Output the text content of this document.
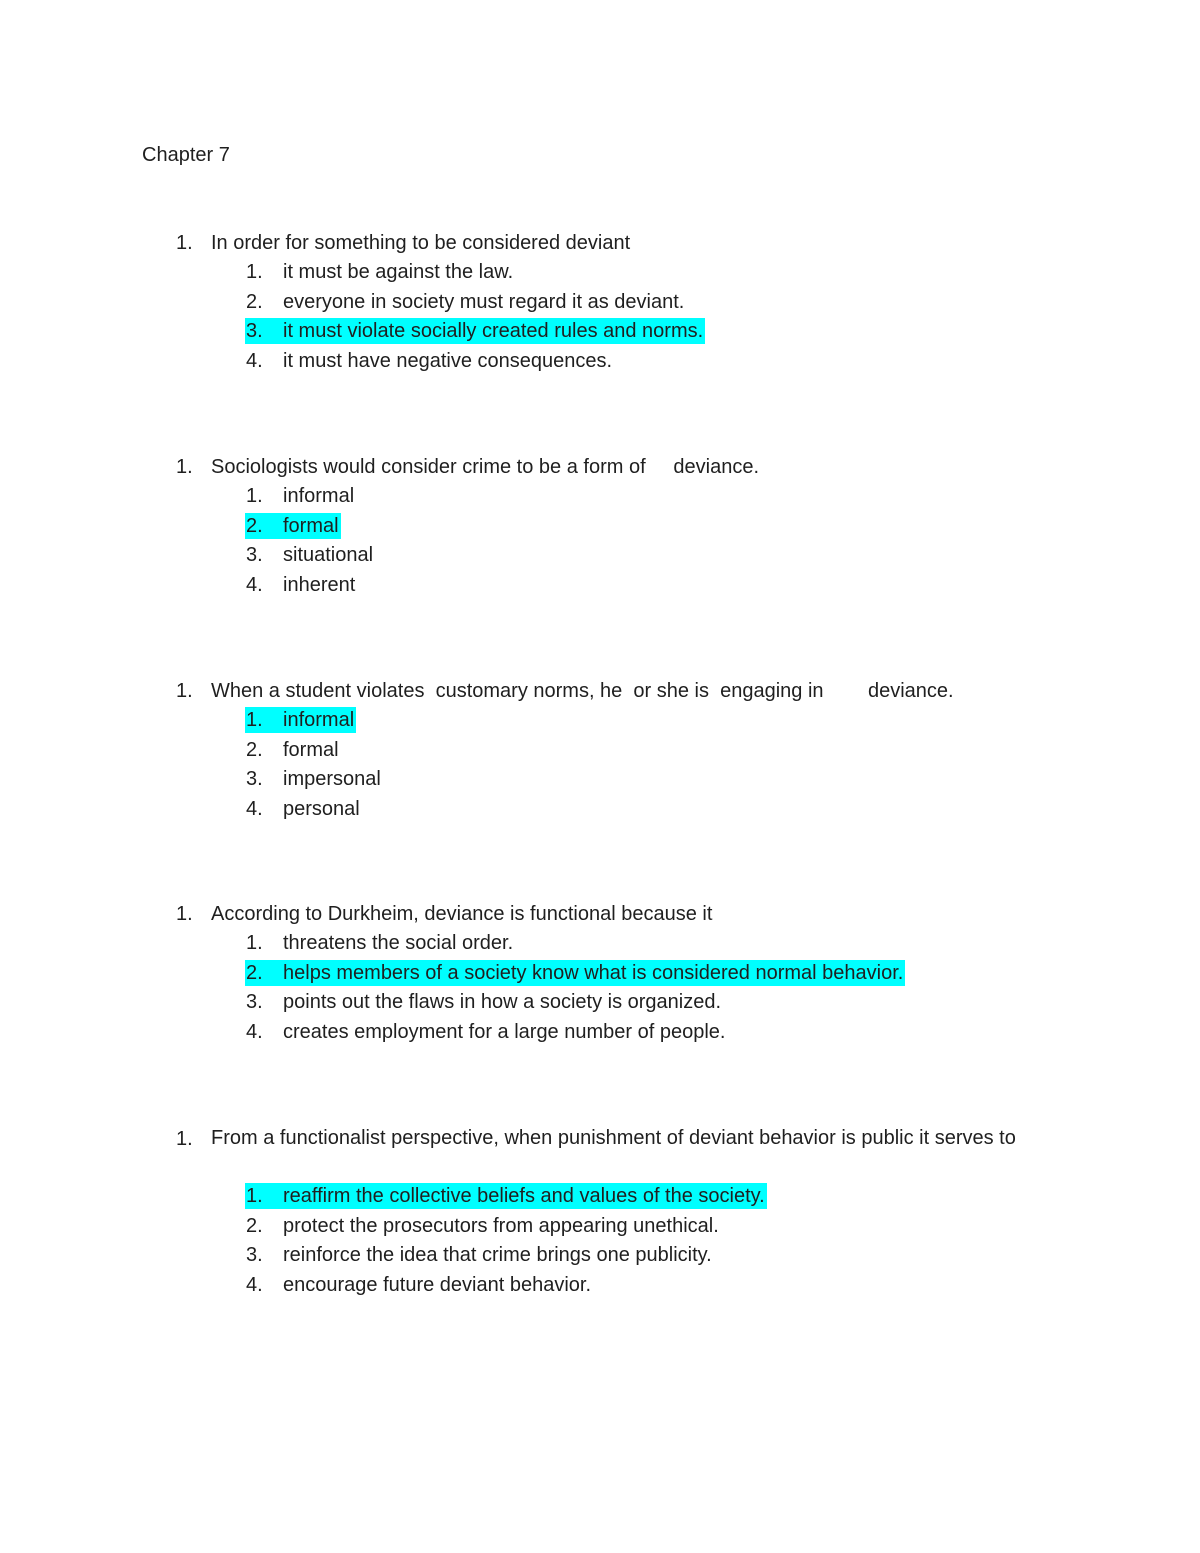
Chapter 7
1. In order for something to be considered deviant
1. it must be against the law.
2. everyone in society must regard it as deviant.
3. it must violate socially created rules and norms.
4. it must have negative consequences.
1. Sociologists would consider crime to be a form of     deviance.
1. informal
2. formal
3. situational
4. inherent
1. When a student violates  customary norms, he  or she is  engaging in        deviance.
1. informal
2. formal
3. impersonal
4. personal
1. According to Durkheim, deviance is functional because it
1. threatens the social order.
2. helps members of a society know what is considered normal behavior.
3. points out the flaws in how a society is organized.
4. creates employment for a large number of people.
1. From a functionalist perspective, when punishment of deviant behavior is public it serves to
1. reaffirm the collective beliefs and values of the society.
2. protect the prosecutors from appearing unethical.
3. reinforce the idea that crime brings one publicity.
4. encourage future deviant behavior.
